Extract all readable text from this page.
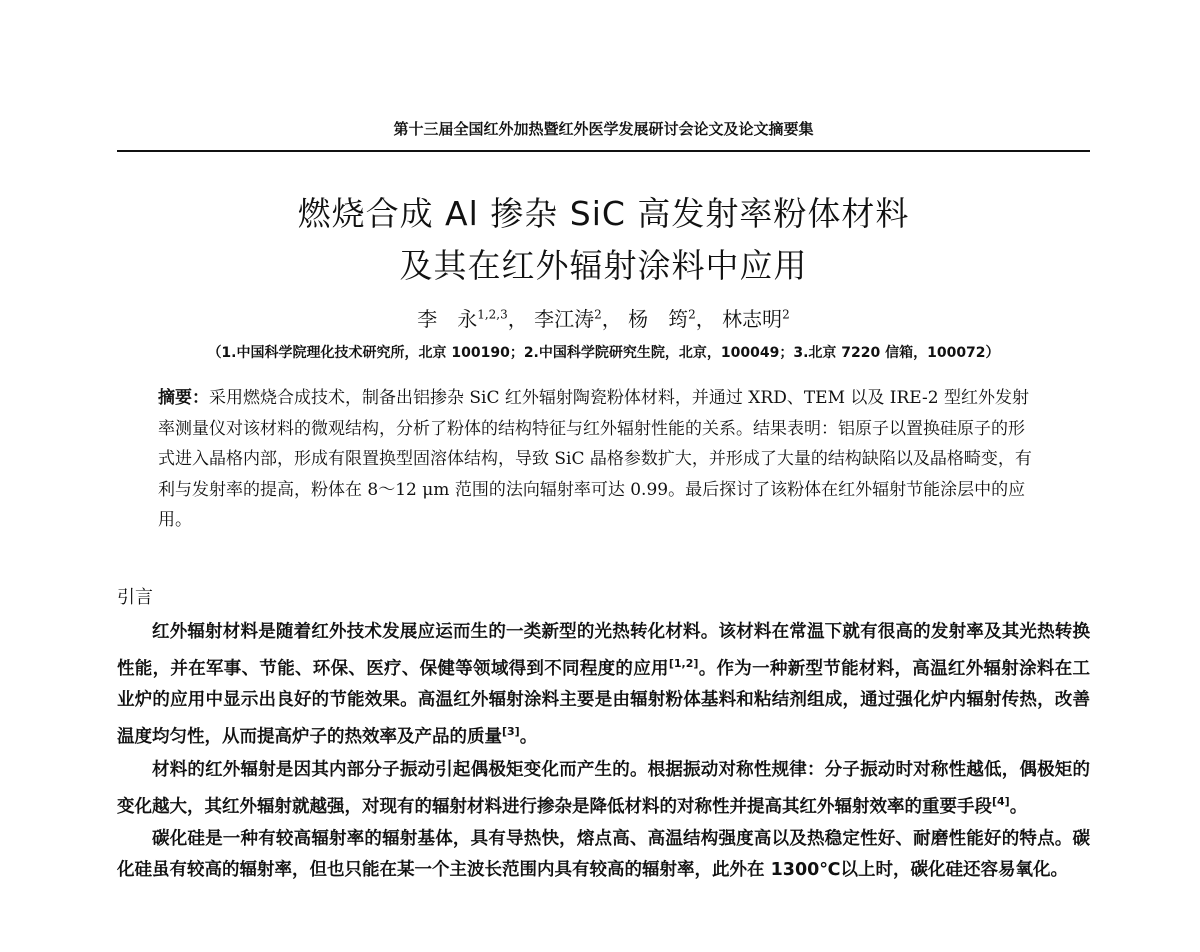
第十三届全国红外加热暨红外医学发展研讨会论文及论文摘要集
燃烧合成 Al 掺杂 SiC 高发射率粉体材料
及其在红外辐射涂料中应用
李　永$^{1,2,3}$， 李江涛$^2$， 杨　筠$^2$， 林志明$^2$
（1.中国科学院理化技术研究所，北京 100190；2.中国科学院研究生院，北京，100049；3.北京 7220 信箱，100072）
摘要：采用燃烧合成技术，制备出铝掺杂 SiC 红外辐射陶瓷粉体材料，并通过 XRD、TEM 以及 IRE-2 型红外发射率测量仪对该材料的微观结构，分析了粉体的结构特征与红外辐射性能的关系。结果表明：铝原子以置换硅原子的形式进入晶格内部，形成有限置换型固溶体结构，导致 SiC 晶格参数扩大，并形成了大量的结构缺陷以及晶格畸变，有利与发射率的提高，粉体在 8～12 μm 范围的法向辐射率可达 0.99。最后探讨了该粉体在红外辐射节能涂层中的应用。
引言

红外辐射材料是随着红外技术发展应运而生的一类新型的光热转化材料。该材料在常温下就有很高的发射率及其光热转换性能，并在军事、节能、环保、医疗、保健等领域得到不同程度的应用[1,2]。作为一种新型节能材料，高温红外辐射涂料在工业炉的应用中显示出良好的节能效果。高温红外辐射涂料主要是由辐射粉体基料和粘结剂组成，通过强化炉内辐射传热，改善温度均匀性，从而提高炉子的热效率及产品的质量[3]。

材料的红外辐射是因其内部分子振动引起偶极矩变化而产生的。根据振动对称性规律：分子振动时对称性越低，偶极矩的变化越大，其红外辐射就越强，对现有的辐射材料进行掺杂是降低材料的对称性并提高其红外辐射效率的重要手段[4]。

碳化硅是一种有较高辐射率的辐射基体，具有导热快，熔点高、高温结构强度高以及热稳定性好、耐磨性能好的特点。碳化硅虽有较高的辐射率，但也只能在某一个主波长范围内具有较高的辐射率，此外在 1300℃以上时，碳化硅还容易氧化。
